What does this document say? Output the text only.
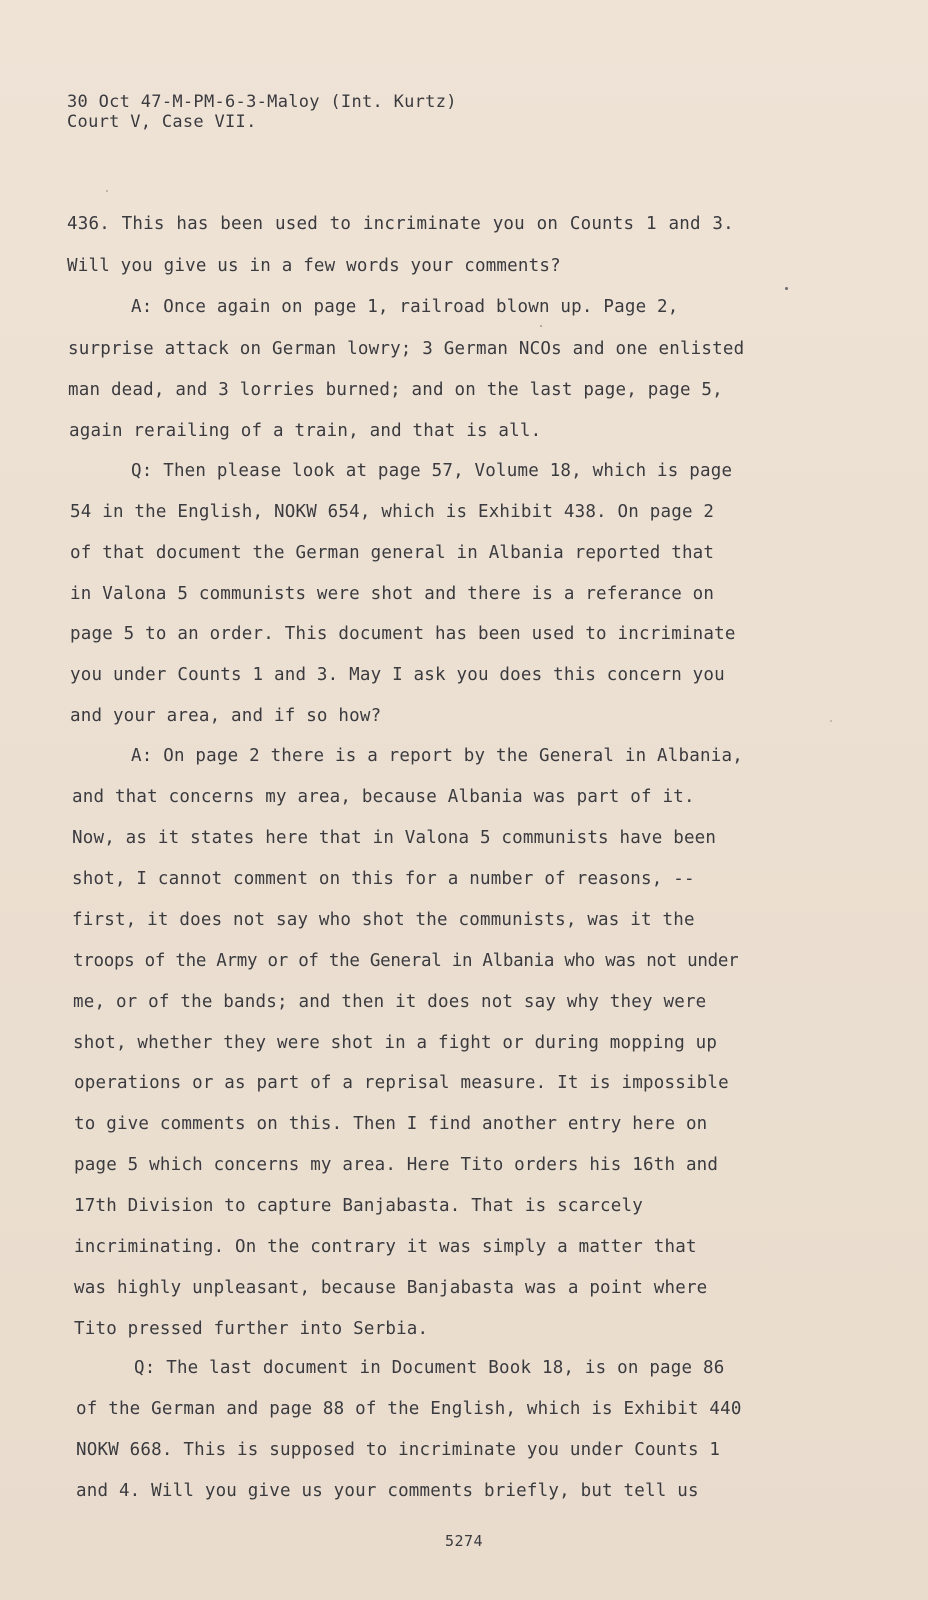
30 Oct 47-M-PM-6-3-Maloy (Int. Kurtz)
Court V, Case VII.
436. This has been used to incriminate you on Counts 1 and 3.
Will you give us in a few words your comments?
A: Once again on page 1, railroad blown up. Page 2,
surprise attack on German lowry; 3 German NCOs and one enlisted
man dead, and 3 lorries burned; and on the last page, page 5,
again rerailing of a train, and that is all.
Q: Then please look at page 57, Volume 18, which is page
54 in the English, NOKW 654, which is Exhibit 438. On page 2
of that document the German general in Albania reported that
in Valona 5 communists were shot and there is a referance on
page 5 to an order. This document has been used to incriminate
you under Counts 1 and 3. May I ask you does this concern you
and your area, and if so how?
A: On page 2 there is a report by the General in Albania,
and that concerns my area, because Albania was part of it.
Now, as it states here that in Valona 5 communists have been
shot, I cannot comment on this for a number of reasons, --
first, it does not say who shot the communists, was it the
troops of the Army or of the General in Albania who was not under
me, or of the bands; and then it does not say why they were
shot, whether they were shot in a fight or during mopping up
operations or as part of a reprisal measure. It is impossible
to give comments on this. Then I find another entry here on
page 5 which concerns my area. Here Tito orders his 16th and
17th Division to capture Banjabasta. That is scarcely
incriminating. On the contrary it was simply a matter that
was highly unpleasant, because Banjabasta was a point where
Tito pressed further into Serbia.
Q: The last document in Document Book 18, is on page 86
of the German and page 88 of the English, which is Exhibit 440
NOKW 668. This is supposed to incriminate you under Counts 1
and 4. Will you give us your comments briefly, but tell us
5274
